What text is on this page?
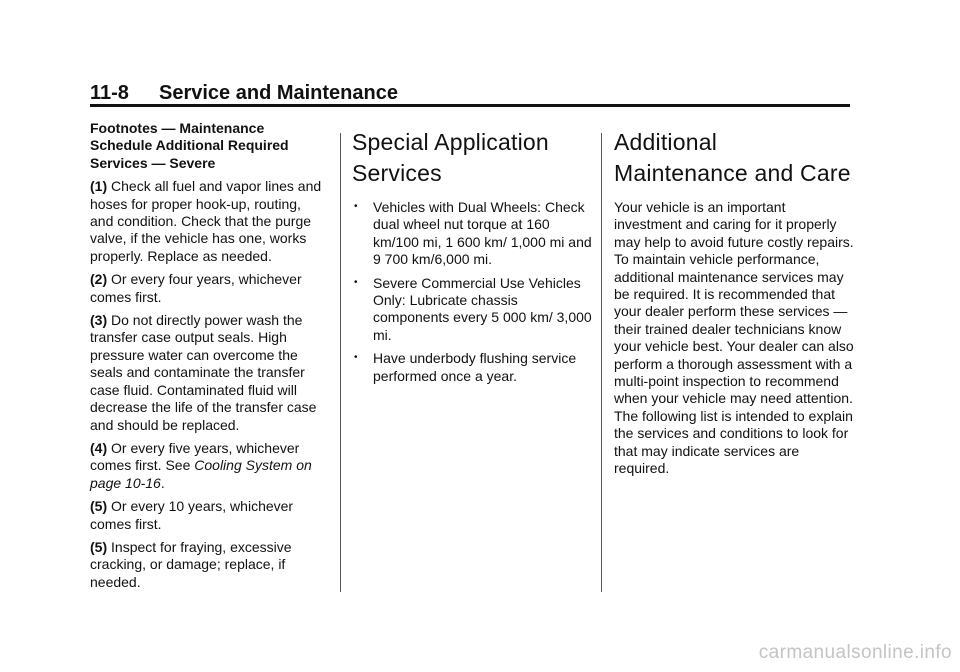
11-8 Service and Maintenance

Footnotes — Maintenance Schedule Additional Required Services — Severe

(1) Check all fuel and vapor lines and hoses for proper hook-up, routing, and condition. Check that the purge valve, if the vehicle has one, works properly. Replace as needed.

(2) Or every four years, whichever comes first.

(3) Do not directly power wash the transfer case output seals. High pressure water can overcome the seals and contaminate the transfer case fluid. Contaminated fluid will decrease the life of the transfer case and should be replaced.

(4) Or every five years, whichever comes first. See Cooling System on page 10-16.

(5) Or every 10 years, whichever comes first.

(5) Inspect for fraying, excessive cracking, or damage; replace, if needed.

Special Application Services
• Vehicles with Dual Wheels: Check dual wheel nut torque at 160 km/100 mi, 1 600 km/ 1,000 mi and 9 700 km/6,000 mi.
• Severe Commercial Use Vehicles Only: Lubricate chassis components every 5 000 km/ 3,000 mi.
• Have underbody flushing service performed once a year.
Additional Maintenance and Care

Your vehicle is an important investment and caring for it properly may help to avoid future costly repairs. To maintain vehicle performance, additional maintenance services may be required. It is recommended that your dealer perform these services — their trained dealer technicians know your vehicle best. Your dealer can also perform a thorough assessment with a multi-point inspection to recommend when your vehicle may need attention. The following list is intended to explain the services and conditions to look for that may indicate services are required.

carmanualsonline.info
